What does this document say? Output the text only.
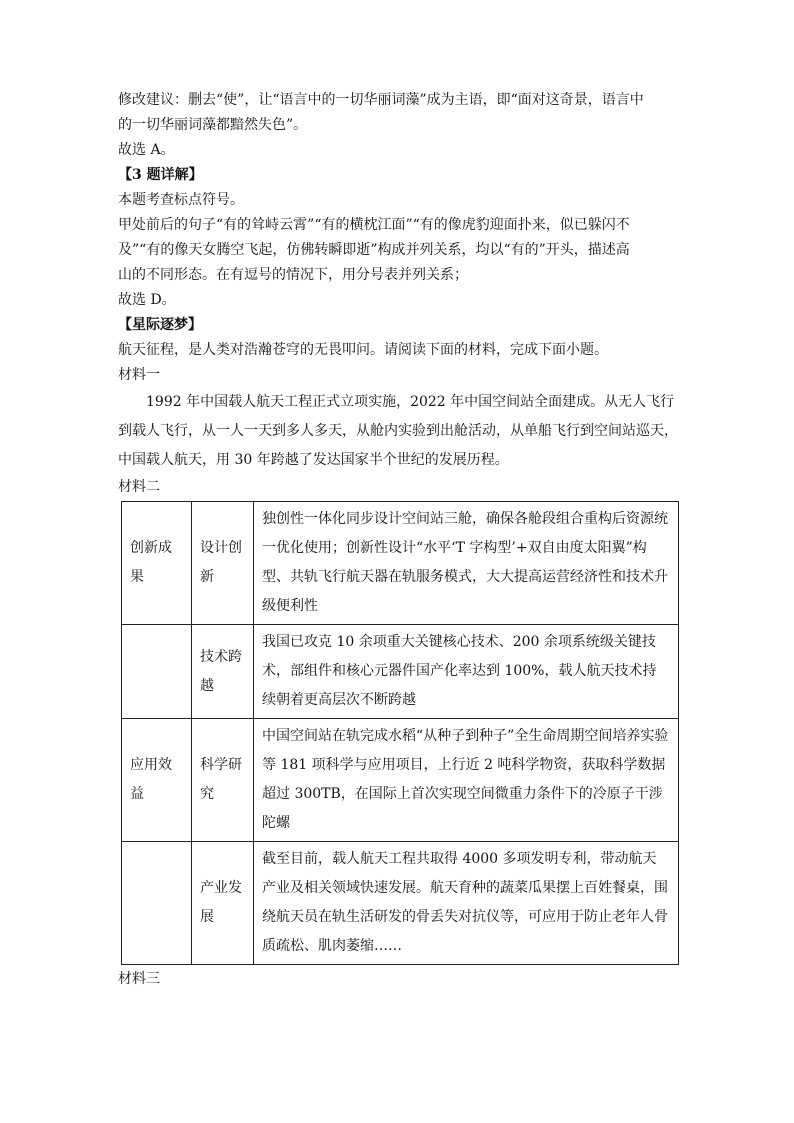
修改建议：删去“使”，让“语言中的一切华丽词藻”成为主语，即“面对这奇景，语言中
的一切华丽词藻都黯然失色”。
故选 A。
【3 题详解】
本题考查标点符号。
甲处前后的句子“有的耸峙云霄”“有的横枕江面”“有的像虎豹迎面扑来，似已躲闪不
及”“有的像天女腾空飞起，仿佛转瞬即逝”构成并列关系，均以“有的”开头，描述高
山的不同形态。在有逗号的情况下，用分号表并列关系；
故选 D。
【星际逐梦】
航天征程，是人类对浩瀚苍穹的无畏叩问。请阅读下面的材料，完成下面小题。
材料一
1992 年中国载人航天工程正式立项实施，2022 年中国空间站全面建成。从无人飞行到载人飞行，从一人一天到多人多天，从舱内实验到出舱活动，从单船飞行到空间站巡天，中国载人航天，用 30 年跨越了发达国家半个世纪的发展历程。
材料二
创新成果	设计创新	独创性一体化同步设计空间站三舱，确保各舱段组合重构后资源统一优化使用；创新性设计“水平‘T 字构型’+双自由度太阳翼”构型、共轨飞行航天器在轨服务模式，大大提高运营经济性和技术升级便利性
	技术跨越	我国已攻克 10 余项重大关键核心技术、200 余项系统级关键技术，部组件和核心元器件国产化率达到 100%，载人航天技术持续朝着更高层次不断跨越
应用效益	科学研究	中国空间站在轨完成水稻“从种子到种子”全生命周期空间培养实验等 181 项科学与应用项目，上行近 2 吨科学物资，获取科学数据超过 300TB，在国际上首次实现空间微重力条件下的冷原子干涉陀螺
	产业发展	截至目前，载人航天工程共取得 4000 多项发明专利，带动航天产业及相关领域快速发展。航天育种的蔬菜瓜果摆上百姓餐桌，围绕航天员在轨生活研发的骨丢失对抗仪等，可应用于防止老年人骨质疏松、肌肉萎缩……
材料三
